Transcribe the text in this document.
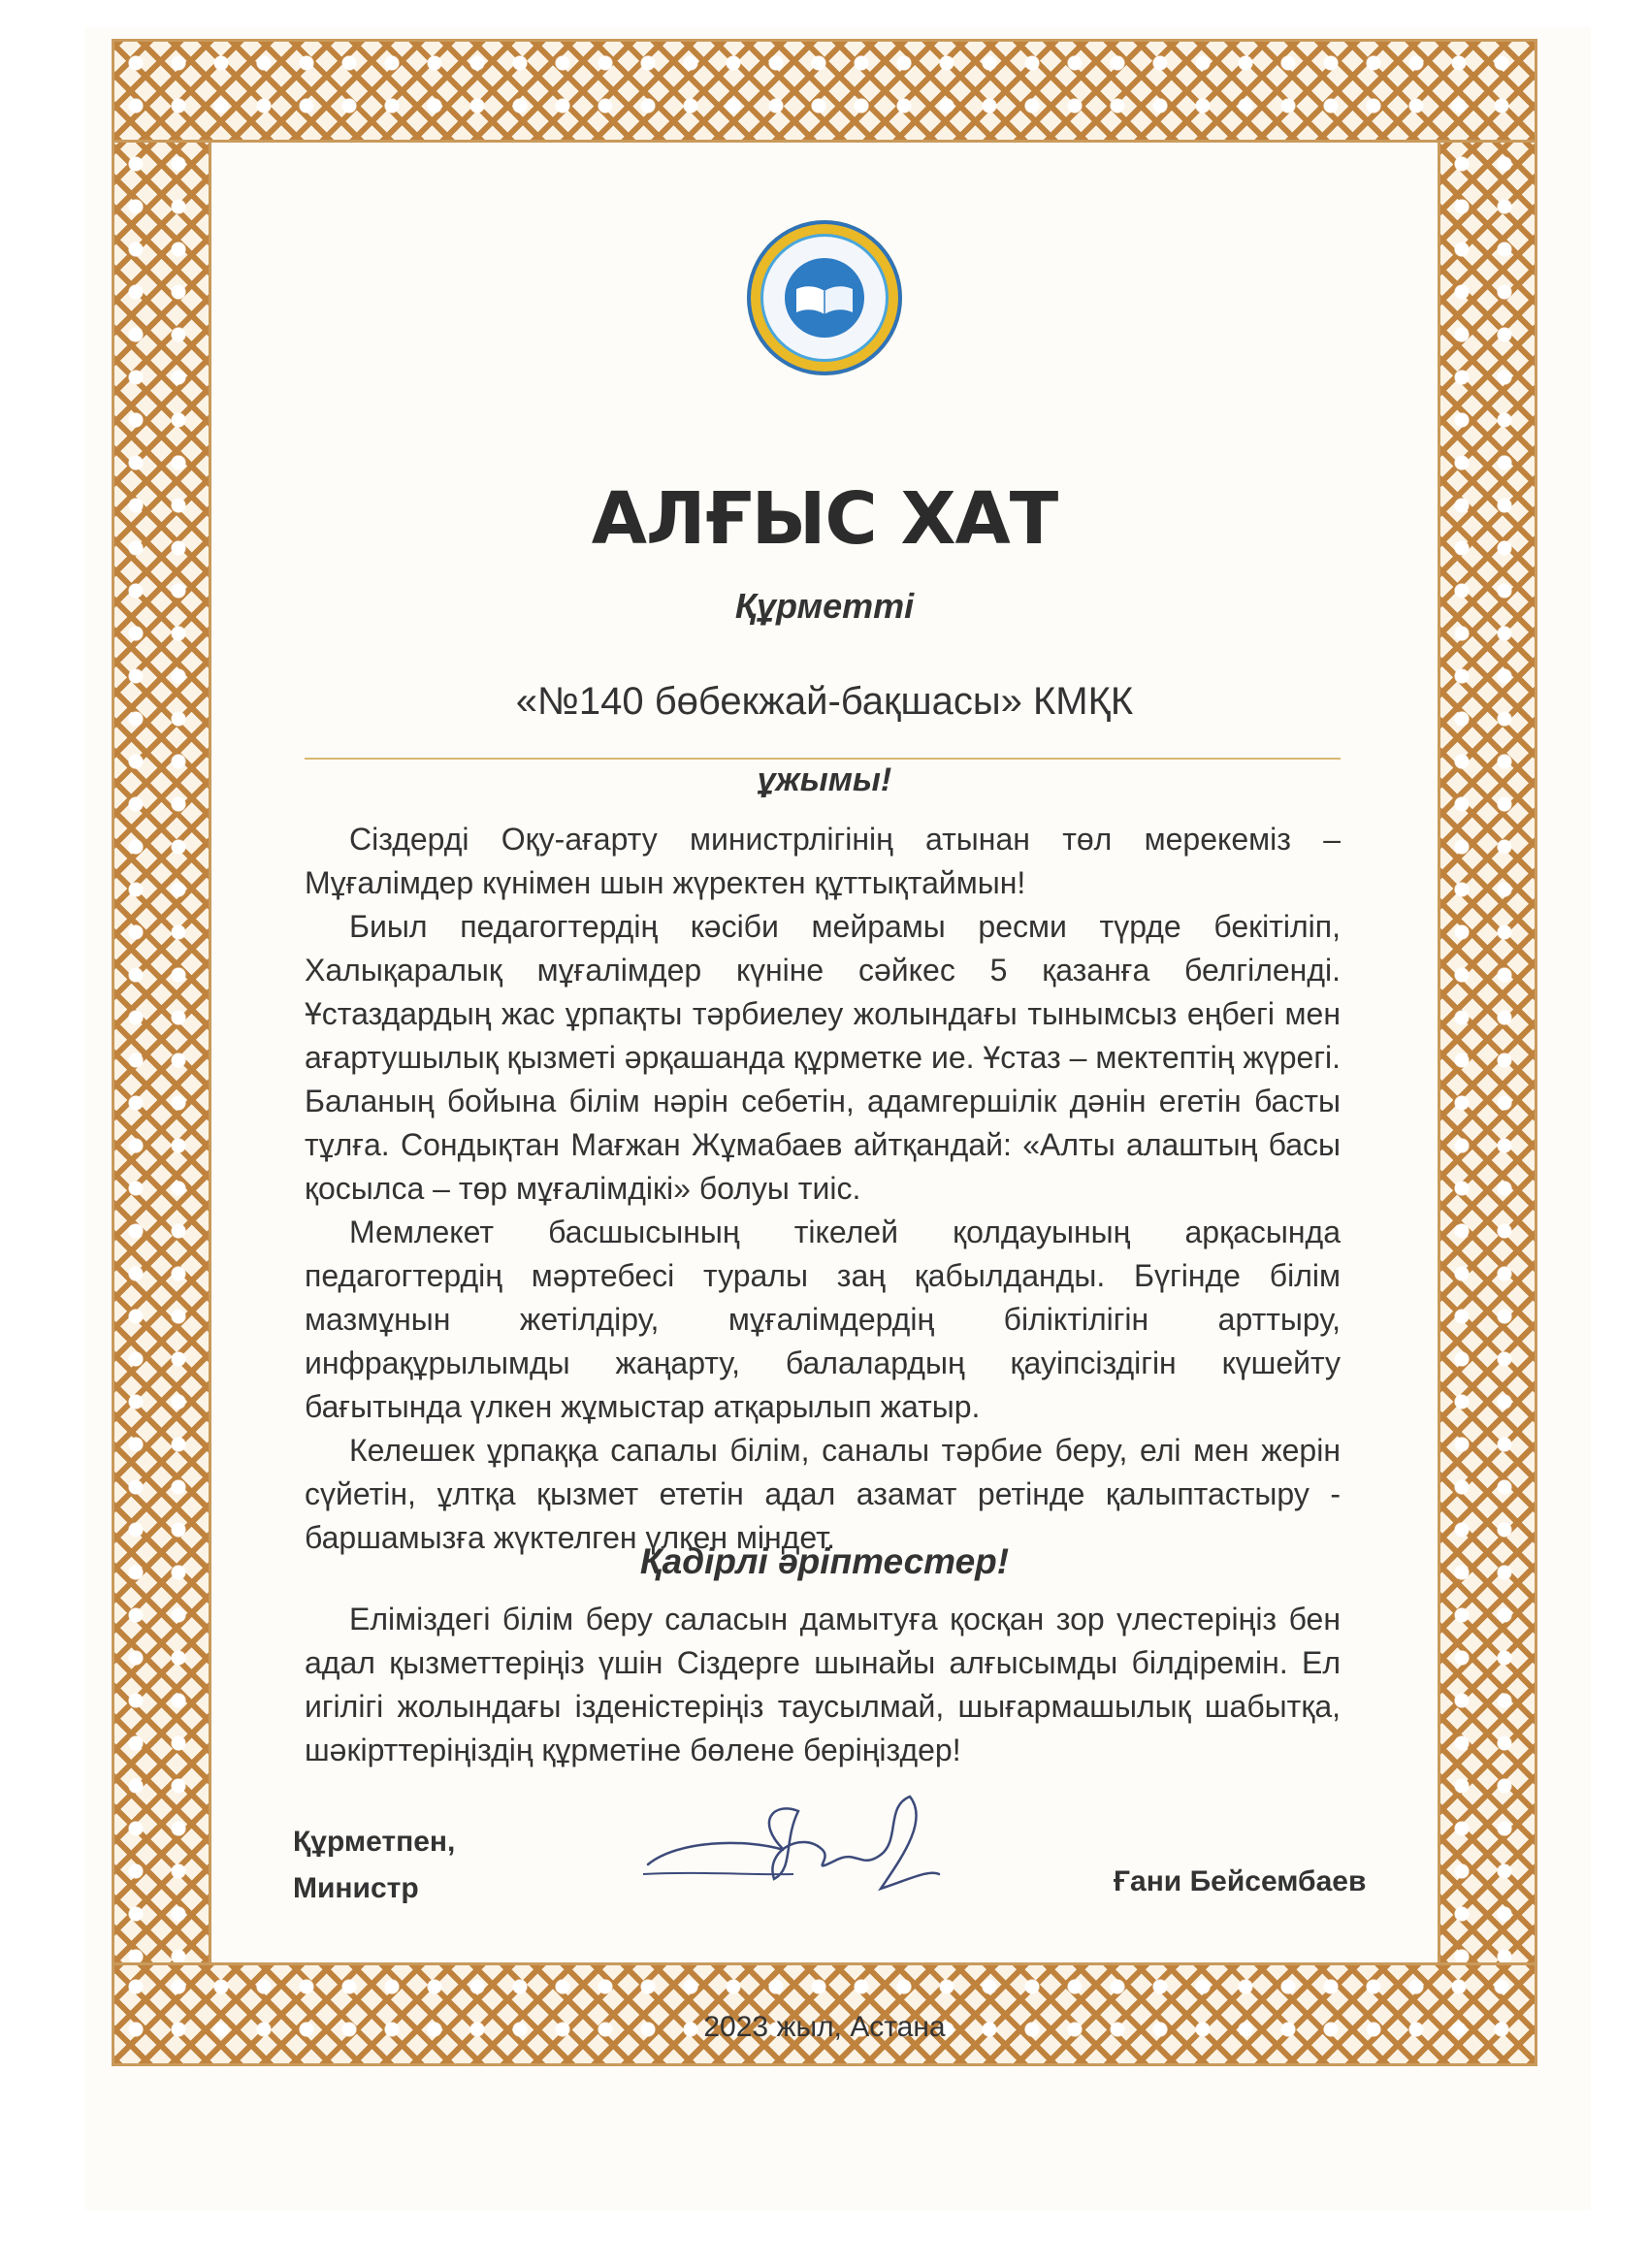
АЛҒЫС ХАТ
Құрметті
«№140 бөбекжай-бақшасы» КМҚК
ұжымы!

Сіздерді Оқу-ағарту министрлігінің атынан төл мерекеміз – Мұғалімдер күнімен шын жүректен құттықтаймын!

Биыл педагогтердің кәсіби мейрамы ресми түрде бекітіліп, Халықаралық мұғалімдер күніне сәйкес 5 қазанға белгіленді. Ұстаздардың жас ұрпақты тәрбиелеу жолындағы тынымсыз еңбегі мен ағартушылық қызметі әрқашанда құрметке ие. Ұстаз – мектептің жүрегі. Баланың бойына білім нәрін себетін, адамгершілік дәнін егетін басты тұлға. Сондықтан Мағжан Жұмабаев айтқандай: «Алты алаштың басы қосылса – төр мұғалімдікі» болуы тиіс.

Мемлекет басшысының тікелей қолдауының арқасында педагогтердің мәртебесі туралы заң қабылданды. Бүгінде білім мазмұнын жетілдіру, мұғалімдердің біліктілігін арттыру, инфрақұрылымды жаңарту, балалардың қауіпсіздігін күшейту бағытында үлкен жұмыстар атқарылып жатыр.

Келешек ұрпаққа сапалы білім, саналы тәрбие беру, елі мен жерін сүйетін, ұлтқа қызмет ететін адал азамат ретінде қалыптастыру - баршамызға жүктелген үлкен міндет.

Қадірлі әріптестер!

Еліміздегі білім беру саласын дамытуға қосқан зор үлестеріңіз бен адал қызметтеріңіз үшін Сіздерге шынайы алғысымды білдіремін. Ел игілігі жолындағы ізденістеріңіз таусылмай, шығармашылық шабытқа, шәкірттеріңіздің құрметіне бөлене беріңіздер!

Құрметпен,
Министр	Ғани Бейсембаев
2023 жыл, Астана
